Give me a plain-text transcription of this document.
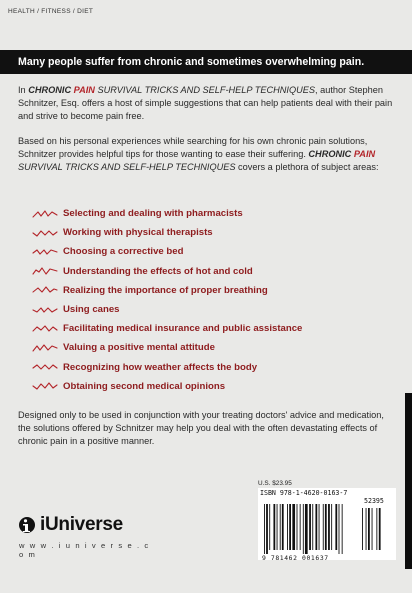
HEALTH / FITNESS / DIET
Many people suffer from chronic and sometimes overwhelming pain.

In CHRONIC PAIN SURVIVAL TRICKS AND SELF-HELP TECHNIQUES, author Stephen Schnitzer, Esq. offers a host of simple suggestions that can help patients deal with their pain and strive to become pain free.

Based on his personal experiences while searching for his own chronic pain solutions, Schnitzer provides helpful tips for those wanting to ease their suffering. CHRONIC PAIN SURVIVAL TRICKS AND SELF-HELP TECHNIQUES covers a plethora of subject areas:

Selecting and dealing with pharmacists
Working with physical therapists
Choosing a corrective bed
Understanding the effects of hot and cold
Realizing the importance of proper breathing
Using canes
Facilitating medical insurance and public assistance
Valuing a positive mental attitude
Recognizing how weather affects the body
Obtaining second medical opinions

Designed only to be used in conjunction with your treating doctors' advice and medication, the solutions offered by Schnitzer may help you deal with the often devastating effects of chronic pain in a positive manner.

iUniverse
w w w . i u n i v e r s e . c o m
U.S. $23.95
ISBN 978-1-4620-0163-7
52395
9 781462 001637
